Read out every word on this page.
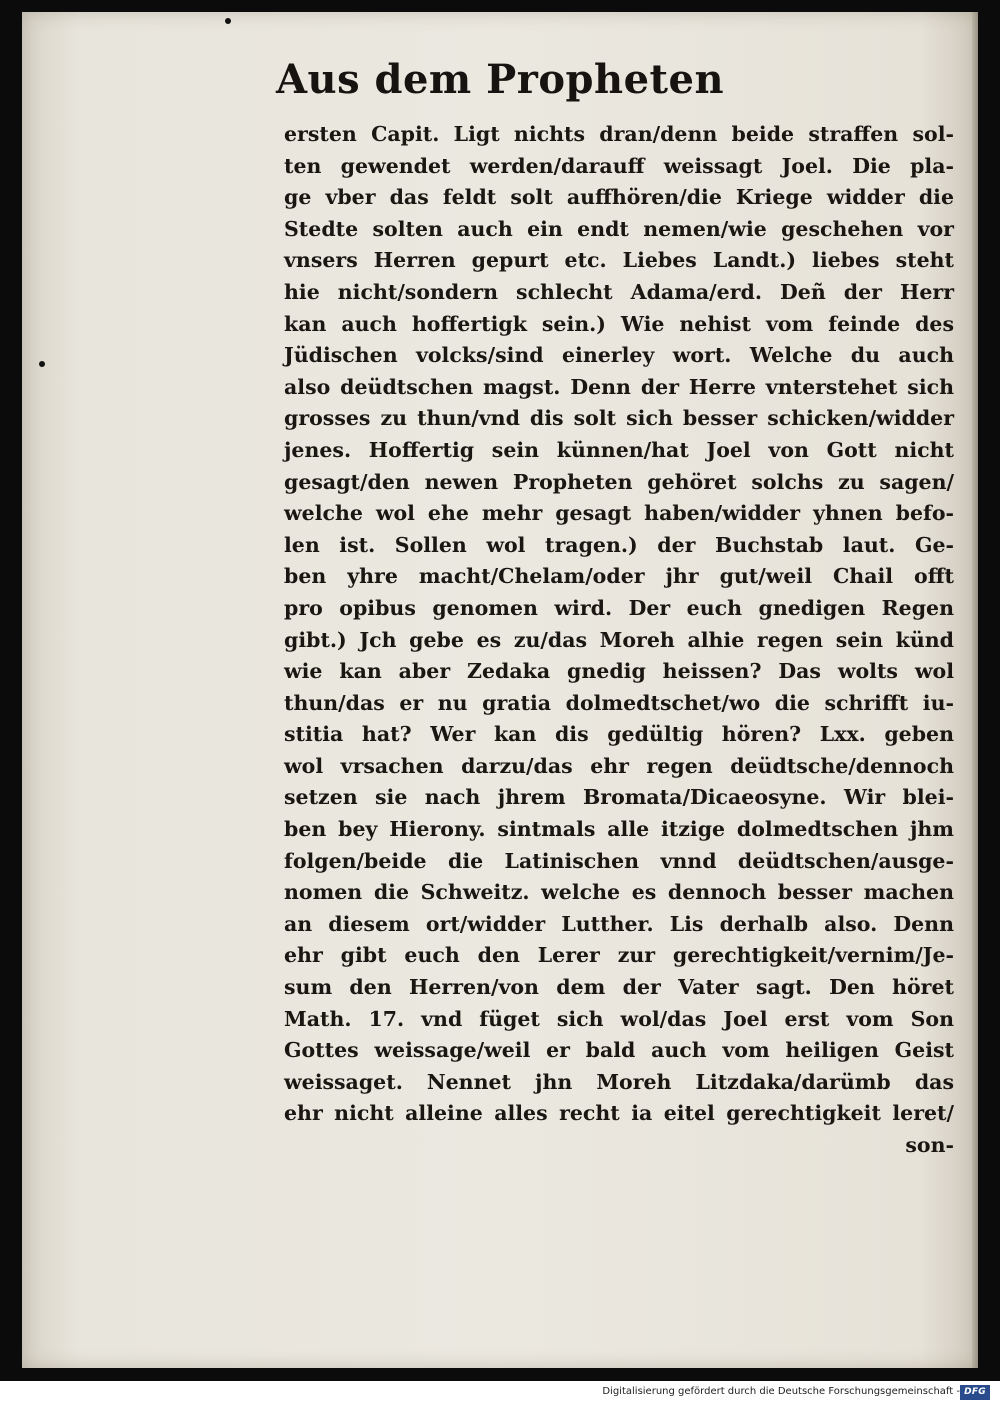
Aus dem Propheten
ersten Capit. Ligt nichts dran/denn beide straffen sol-
ten gewendet werden/darauff weissagt Joel. Die pla-
ge vber das feldt solt auffhören/die Kriege widder die
Stedte solten auch ein endt nemen/wie geschehen vor
vnsers Herren gepurt etc. Liebes Landt.) liebes steht
hie nicht/sondern schlecht Adama/erd. Deñ der Herr
kan auch hoffertigk sein.) Wie nehist vom feinde des
Jüdischen volcks/sind einerley wort. Welche du auch
also deüdtschen magst. Denn der Herre vnterstehet sich
grosses zu thun/vnd dis solt sich besser schicken/widder
jenes. Hoffertig sein künnen/hat Joel von Gott nicht
gesagt/den newen Propheten gehöret solchs zu sagen/
welche wol ehe mehr gesagt haben/widder yhnen befo-
len ist. Sollen wol tragen.) der Buchstab laut. Ge-
ben yhre macht/Chelam/oder jhr gut/weil Chail offt
pro opibus genomen wird. Der euch gnedigen Regen
gibt.) Jch gebe es zu/das Moreh alhie regen sein künd
wie kan aber Zedaka gnedig heissen? Das wolts wol
thun/das er nu gratia dolmedtschet/wo die schrifft iu-
stitia hat? Wer kan dis gedültig hören? Lxx. geben
wol vrsachen darzu/das ehr regen deüdtsche/dennoch
setzen sie nach jhrem Bromata/Dicaeosyne. Wir blei-
ben bey Hierony. sintmals alle itzige dolmedtschen jhm
folgen/beide die Latinischen vnnd deüdtschen/ausge-
nomen die Schweitz. welche es dennoch besser machen
an diesem ort/widder Lutther. Lis derhalb also. Denn
ehr gibt euch den Lerer zur gerechtigkeit/vernim/Je-
sum den Herren/von dem der Vater sagt. Den höret
Math. 17. vnd füget sich wol/das Joel erst vom Son
Gottes weissage/weil er bald auch vom heiligen Geist
weissaget. Nennet jhn Moreh Litzdaka/darümb das
ehr nicht alleine alles recht ia eitel gerechtigkeit leret/
son-
Digitalisierung gefördert durch die Deutsche Forschungsgemeinschaft - DFG
